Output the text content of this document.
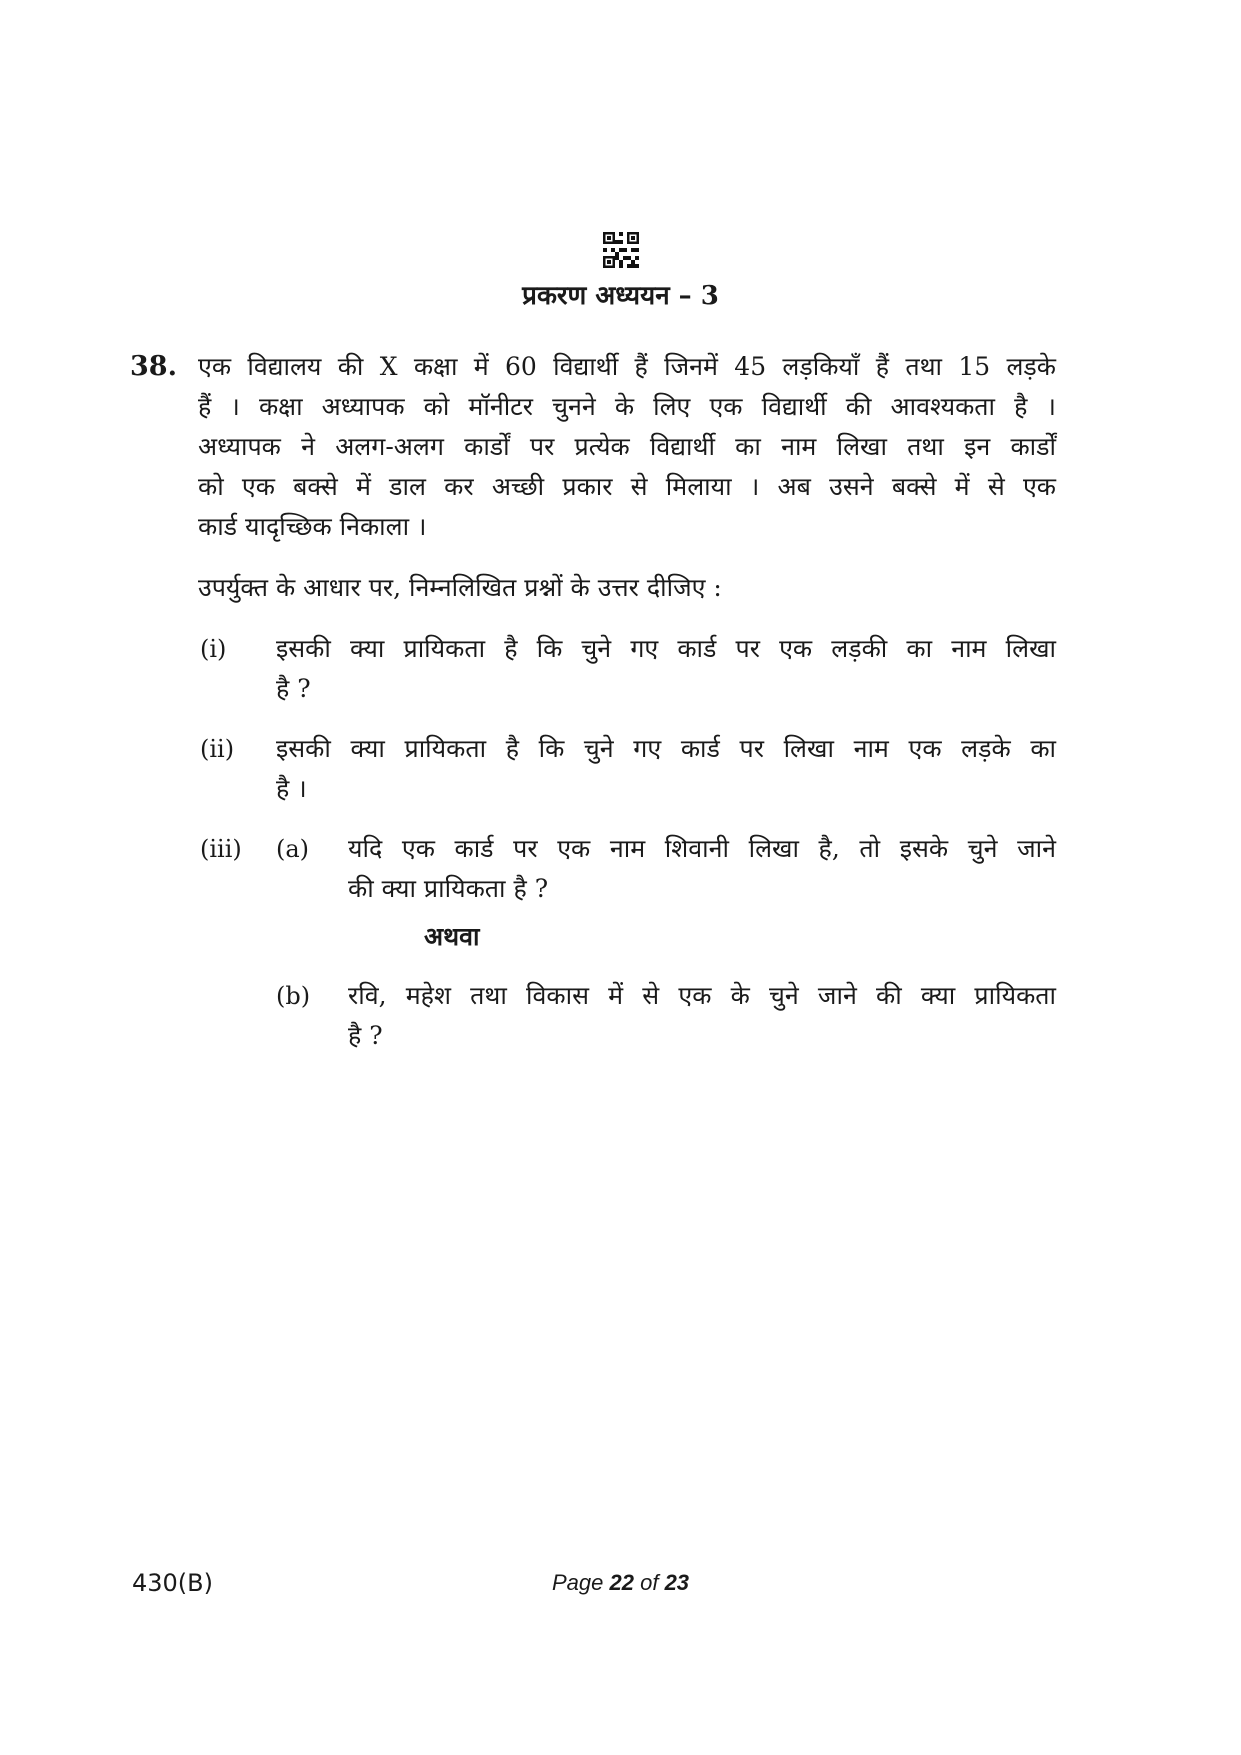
प्रकरण अध्ययन – 3
38. एक विद्यालय की X कक्षा में 60 विद्यार्थी हैं जिनमें 45 लड़कियाँ हैं तथा 15 लड़के
हैं । कक्षा अध्यापक को मॉनीटर चुनने के लिए एक विद्यार्थी की आवश्यकता है ।
अध्यापक ने अलग-अलग कार्डों पर प्रत्येक विद्यार्थी का नाम लिखा तथा इन कार्डों
को एक बक्से में डाल कर अच्छी प्रकार से मिलाया । अब उसने बक्से में से एक
कार्ड यादृच्छिक निकाला ।
उपर्युक्त के आधार पर, निम्नलिखित प्रश्नों के उत्तर दीजिए :
(i) इसकी क्या प्रायिकता है कि चुने गए कार्ड पर एक लड़की का नाम लिखा
है ?
(ii) इसकी क्या प्रायिकता है कि चुने गए कार्ड पर लिखा नाम एक लड़के का
है ।
(iii) (a) यदि एक कार्ड पर एक नाम शिवानी लिखा है, तो इसके चुने जाने
की क्या प्रायिकता है ?
अथवा
(b) रवि, महेश तथा विकास में से एक के चुने जाने की क्या प्रायिकता
है ?
430(B)	Page 22 of 23
